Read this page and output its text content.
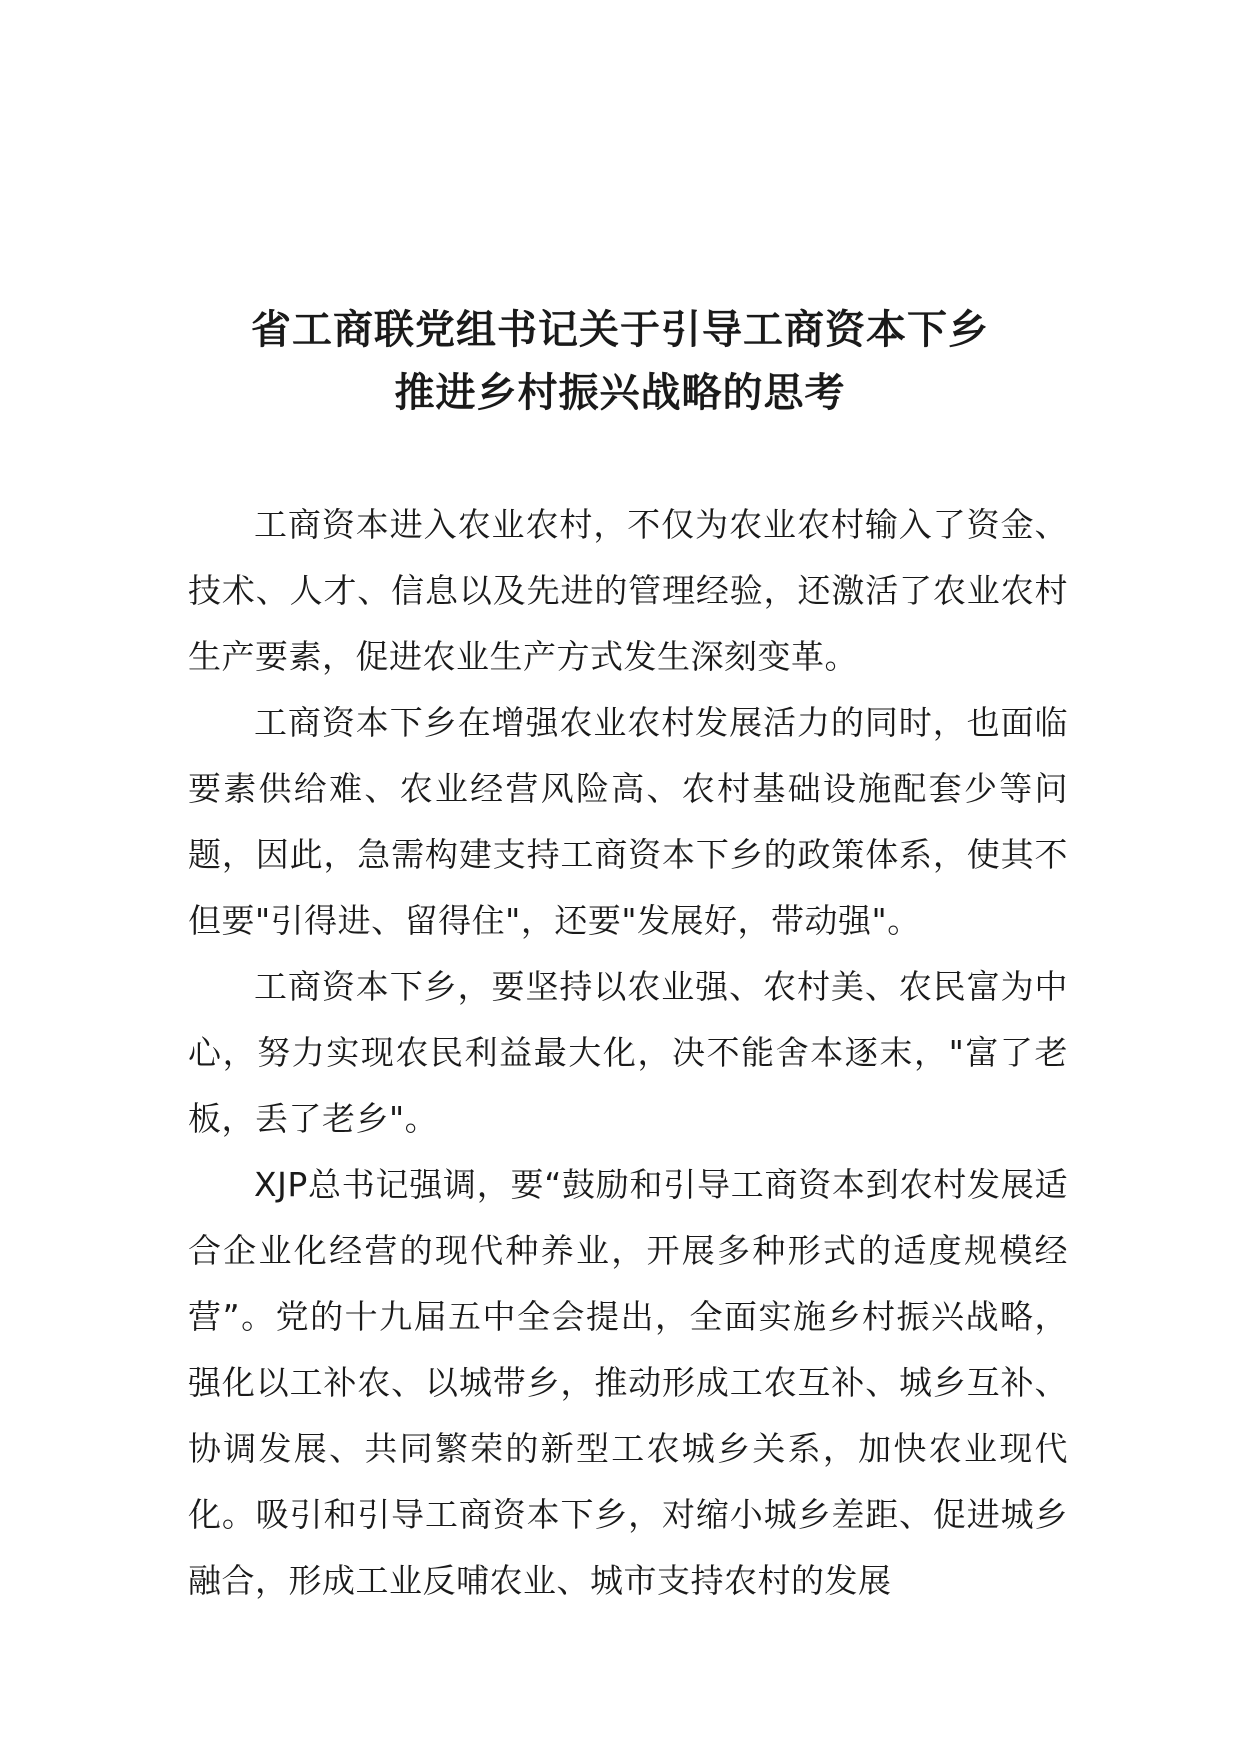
省工商联党组书记关于引导工商资本下乡
推进乡村振兴战略的思考

工商资本进入农业农村，不仅为农业农村输入了资金、技术、人才、信息以及先进的管理经验，还激活了农业农村生产要素，促进农业生产方式发生深刻变革。

工商资本下乡在增强农业农村发展活力的同时，也面临要素供给难、农业经营风险高、农村基础设施配套少等问题，因此，急需构建支持工商资本下乡的政策体系，使其不但要"引得进、留得住"，还要"发展好，带动强"。

工商资本下乡，要坚持以农业强、农村美、农民富为中心，努力实现农民利益最大化，决不能舍本逐末，"富了老板，丢了老乡"。

XJP总书记强调，要“鼓励和引导工商资本到农村发展适合企业化经营的现代种养业，开展多种形式的适度规模经营”。党的十九届五中全会提出，全面实施乡村振兴战略，强化以工补农、以城带乡，推动形成工农互补、城乡互补、协调发展、共同繁荣的新型工农城乡关系，加快农业现代化。吸引和引导工商资本下乡，对缩小城乡差距、促进城乡融合，形成工业反哺农业、城市支持农村的发展
